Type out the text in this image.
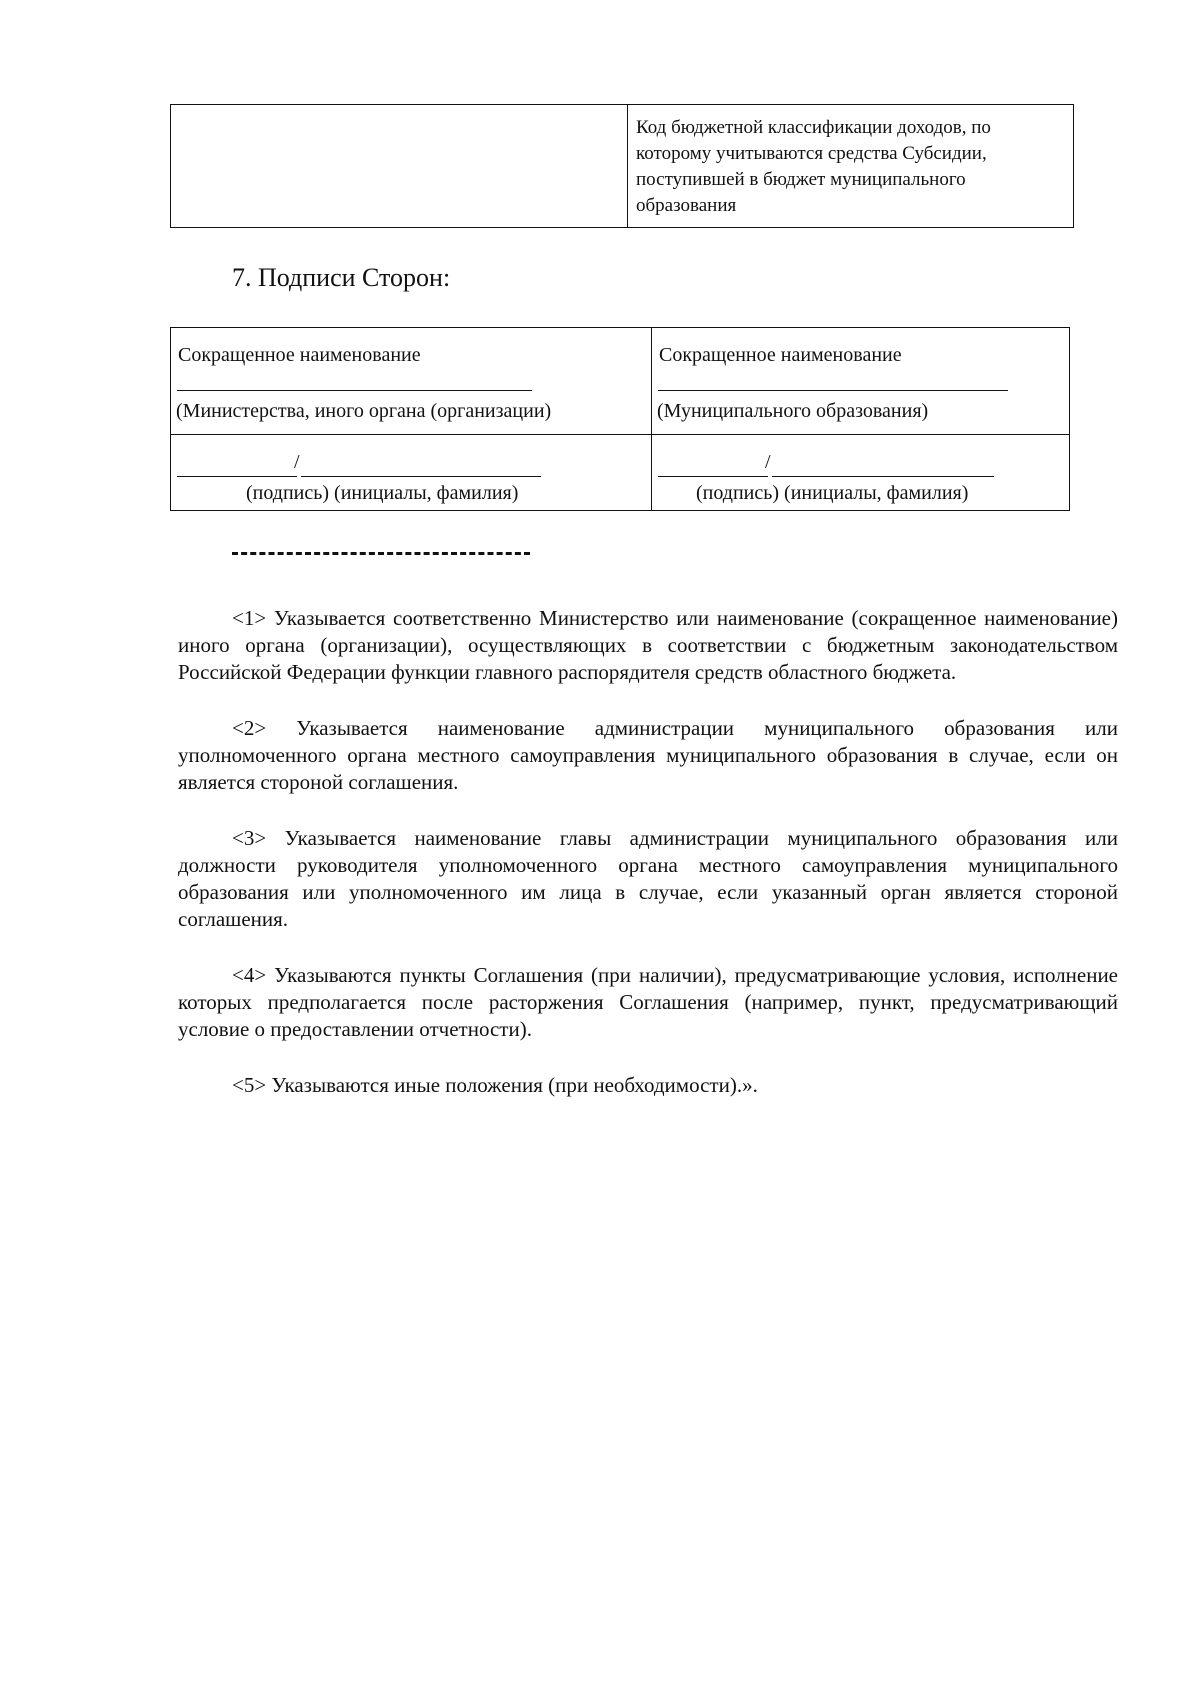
Код бюджетной классификации доходов, по которому учитываются средства Субсидии, поступившей в бюджет муниципального образования
7. Подписи Сторон:
Сокращенное наименование
(Министерства, иного органа (организации)
Сокращенное наименование
(Муниципального образования)
/
(подпись) (инициалы, фамилия)
/
(подпись) (инициалы, фамилия)

<1> Указывается соответственно Министерство или наименование (сокращенное наименование) иного органа (организации), осуществляющих в соответствии с бюджетным законодательством Российской Федерации функции главного распорядителя средств областного бюджета.

<2> Указывается наименование администрации муниципального образования или уполномоченного органа местного самоуправления муниципального образования в случае, если он является стороной соглашения.

<3> Указывается наименование главы администрации муниципального образования или должности руководителя уполномоченного органа местного самоуправления муниципального образования или уполномоченного им лица в случае, если указанный орган является стороной соглашения.

<4> Указываются пункты Соглашения (при наличии), предусматривающие условия, исполнение которых предполагается после расторжения Соглашения (например, пункт, предусматривающий условие о предоставлении отчетности).

<5> Указываются иные положения (при необходимости).».
